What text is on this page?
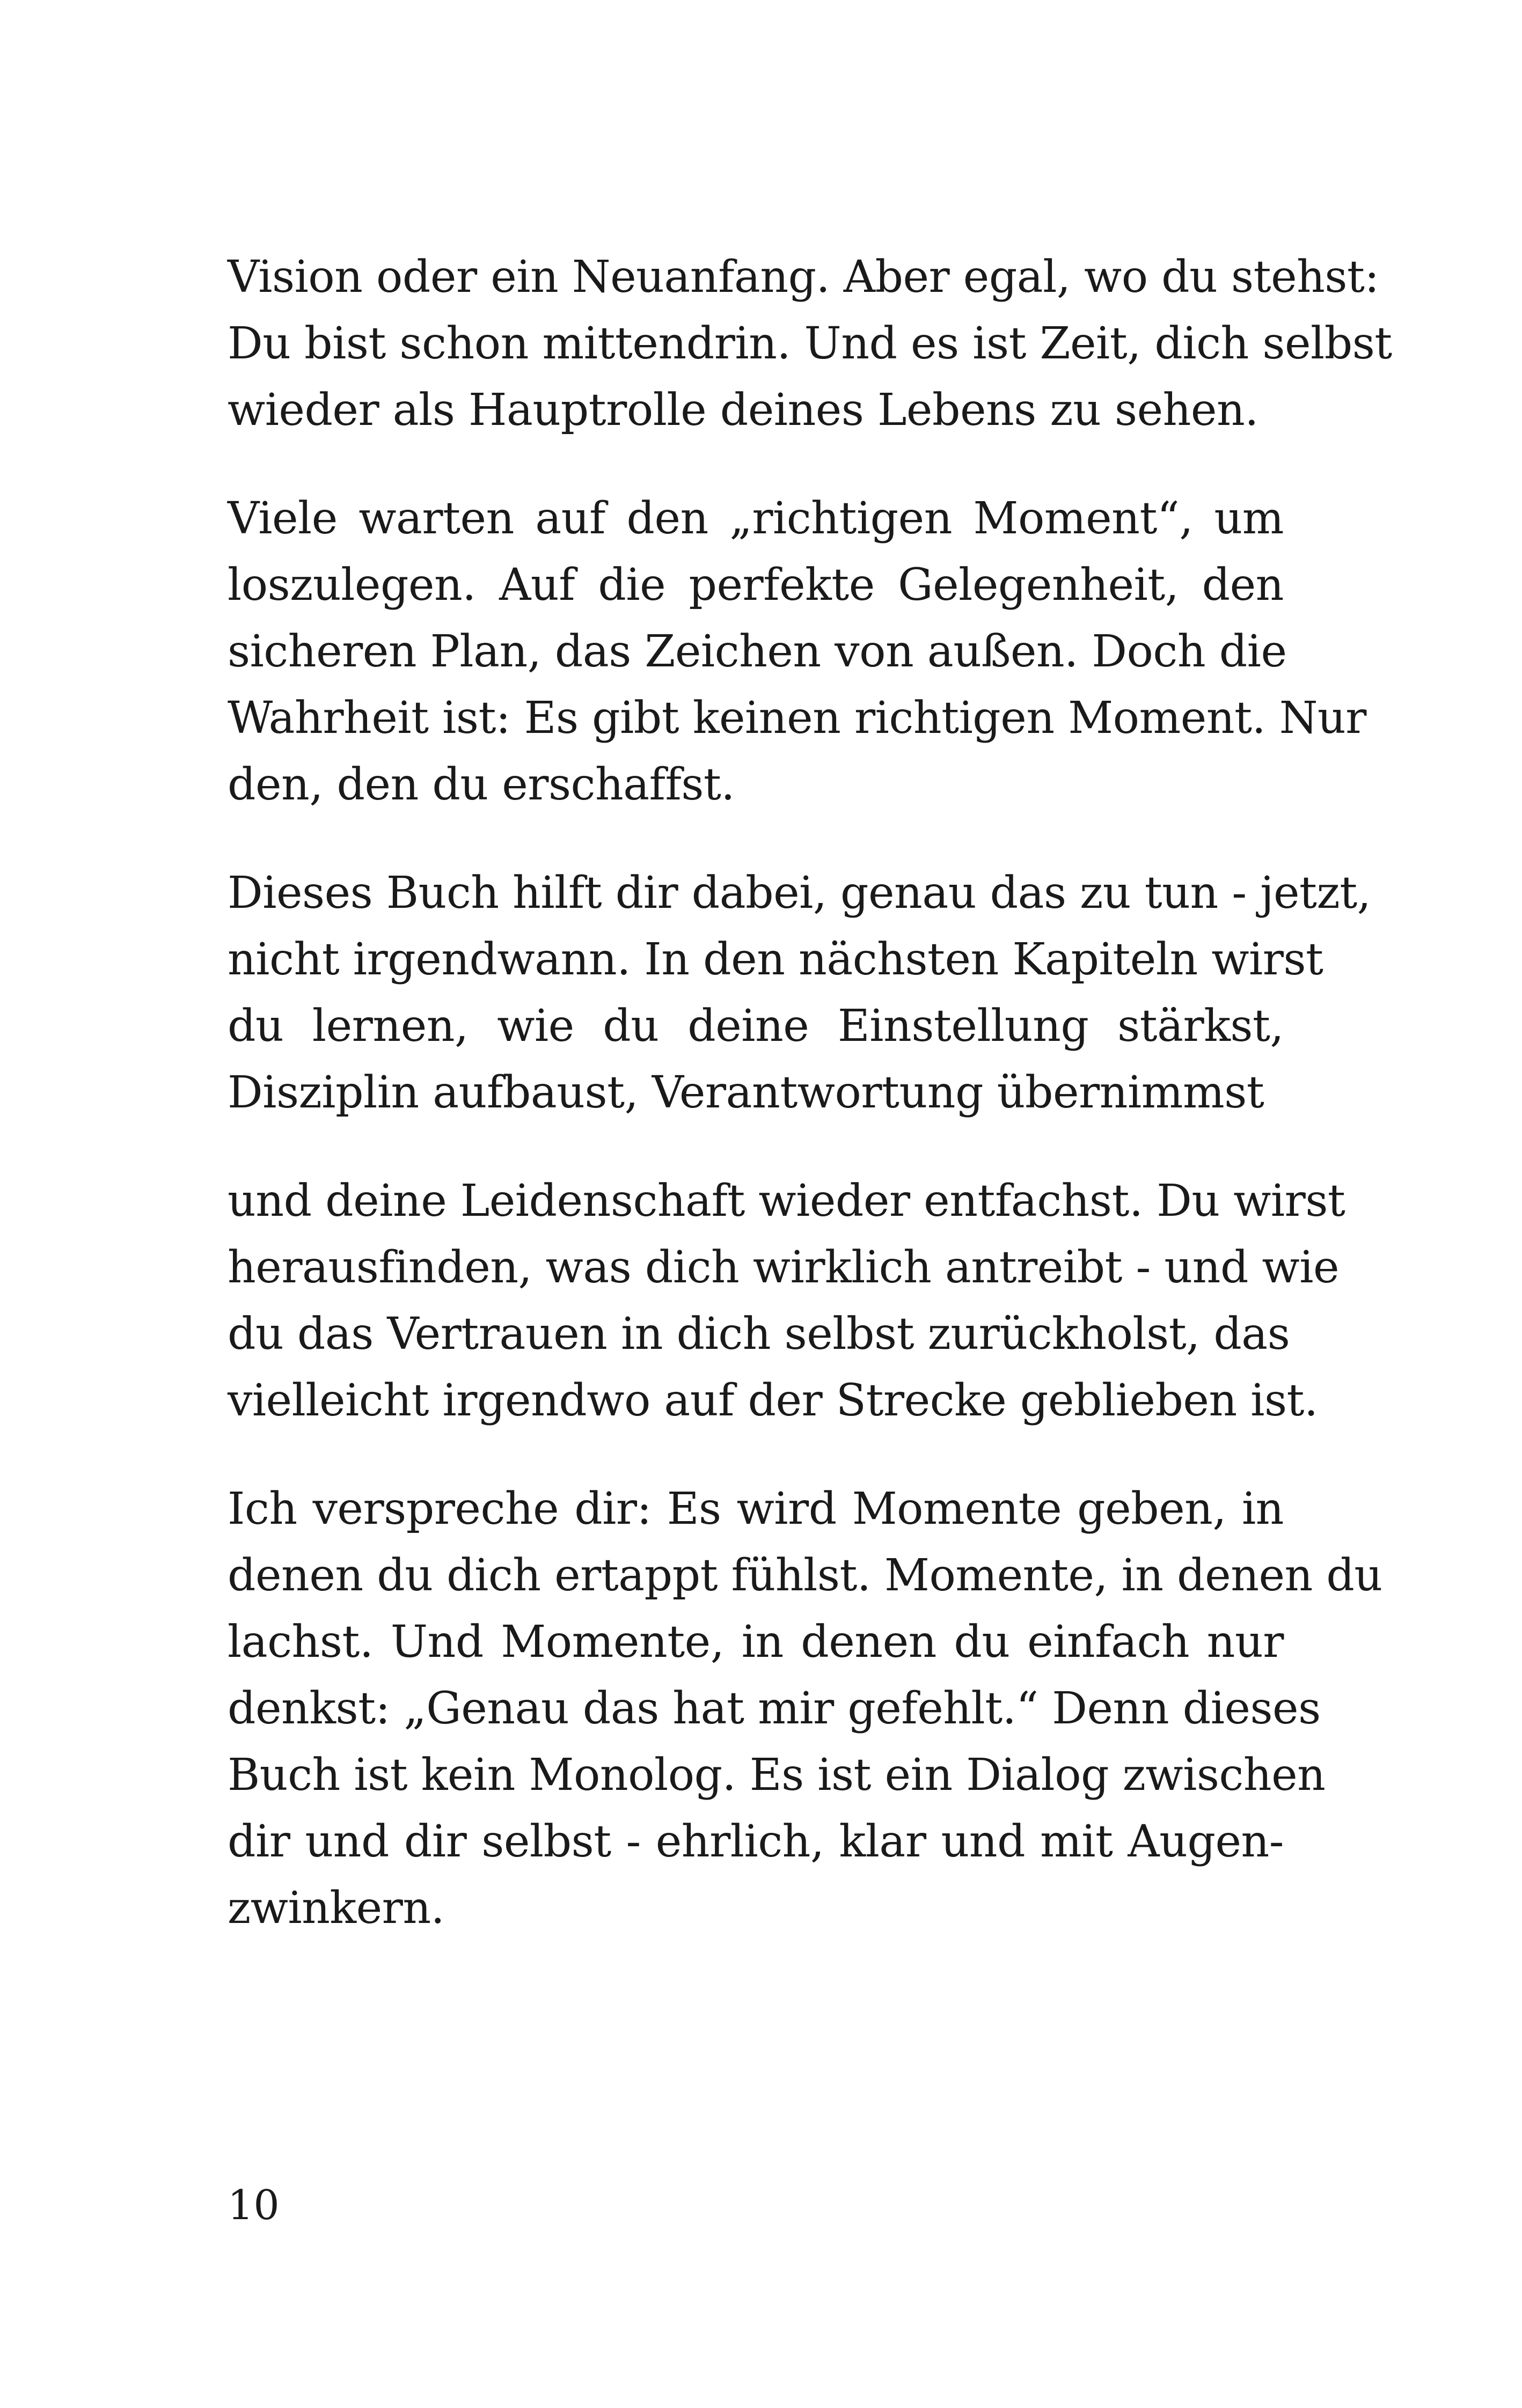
Vision oder ein Neuanfang. Aber egal, wo du stehst:
Du bist schon mittendrin. Und es ist Zeit, dich selbst
wieder als Hauptrolle deines Lebens zu sehen.

Viele warten auf den „richtigen Moment“, um
loszulegen. Auf die perfekte Gelegenheit, den
sicheren Plan, das Zeichen von außen. Doch die
Wahrheit ist: Es gibt keinen richtigen Moment. Nur
den, den du erschaffst.

Dieses Buch hilft dir dabei, genau das zu tun - jetzt,
nicht irgendwann. In den nächsten Kapiteln wirst
du lernen, wie du deine Einstellung stärkst,
Disziplin aufbaust, Verantwortung übernimmst

und deine Leidenschaft wieder entfachst. Du wirst
herausfinden, was dich wirklich antreibt - und wie
du das Vertrauen in dich selbst zurückholst, das
vielleicht irgendwo auf der Strecke geblieben ist.

Ich verspreche dir: Es wird Momente geben, in
denen du dich ertappt fühlst. Momente, in denen du
lachst. Und Momente, in denen du einfach nur
denkst: „Genau das hat mir gefehlt.“ Denn dieses
Buch ist kein Monolog. Es ist ein Dialog zwischen
dir und dir selbst - ehrlich, klar und mit Augen-
zwinkern.

10
